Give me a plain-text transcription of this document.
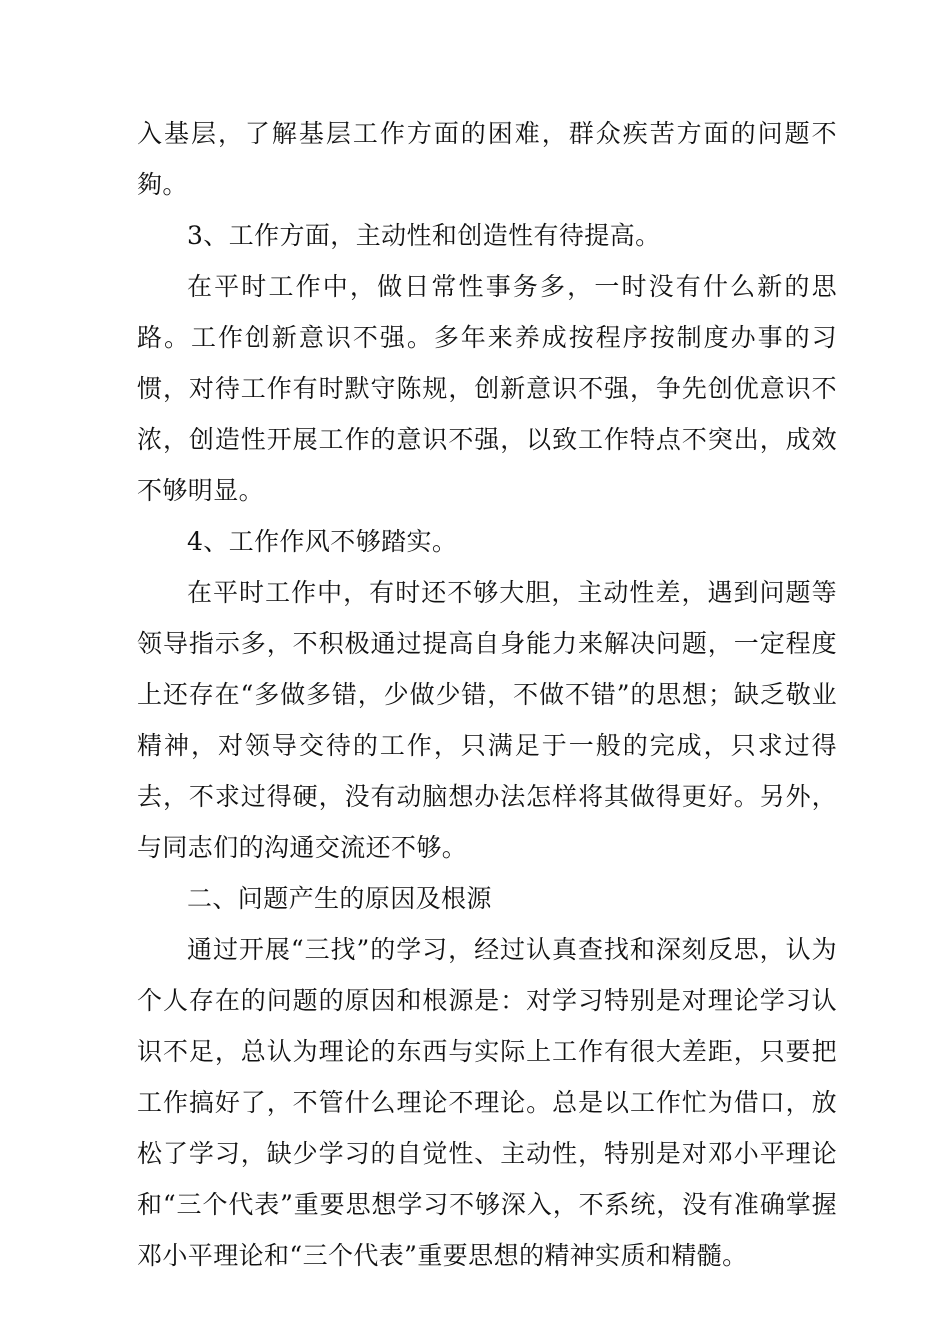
入基层，了解基层工作方面的困难，群众疾苦方面的问题不夠。

3、工作方面，主动性和创造性有待提高。

在平时工作中，做日常性事务多，一时没有什么新的思路。工作创新意识不强。多年来养成按程序按制度办事的习惯，对待工作有时默守陈规，创新意识不强，争先创优意识不浓，创造性开展工作的意识不强，以致工作特点不突出，成效不够明显。

4、工作作风不够踏实。

在平时工作中，有时还不够大胆，主动性差，遇到问题等领导指示多，不积极通过提高自身能力来解决问题，一定程度上还存在“多做多错，少做少错，不做不错”的思想；缺乏敬业精神，对领导交待的工作，只满足于一般的完成，只求过得去，不求过得硬，没有动脑想办法怎样将其做得更好。另外，与同志们的沟通交流还不够。

二、问题产生的原因及根源

通过开展“三找”的学习，经过认真查找和深刻反思，认为个人存在的问题的原因和根源是：对学习特别是对理论学习认识不足，总认为理论的东西与实际上工作有很大差距，只要把工作搞好了，不管什么理论不理论。总是以工作忙为借口，放松了学习，缺少学习的自觉性、主动性，特别是对邓小平理论和“三个代表”重要思想学习不够深入，不系统，没有准确掌握邓小平理论和“三个代表”重要思想的精神实质和精髓。
